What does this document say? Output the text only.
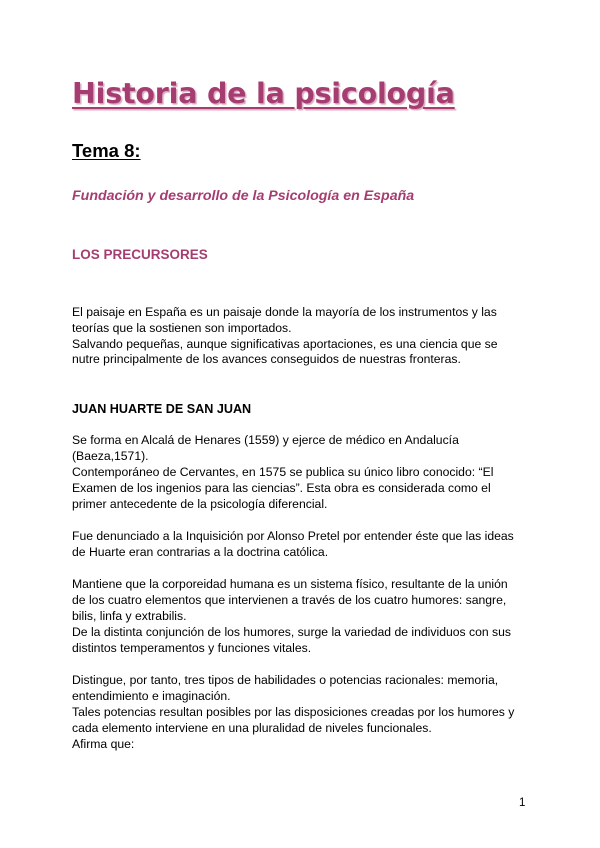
Historia de la psicología
Tema 8:
Fundación y desarrollo de la Psicología en España
LOS PRECURSORES

El paisaje en España es un paisaje donde la mayoría de los instrumentos y las

teorías que la sostienen son importados.

Salvando pequeñas, aunque significativas aportaciones, es una ciencia que se

nutre principalmente de los avances conseguidos de nuestras fronteras.

JUAN HUARTE DE SAN JUAN

Se forma en Alcalá de Henares (1559) y ejerce de médico en Andalucía

(Baeza,1571).

Contemporáneo de Cervantes, en 1575 se publica su único libro conocido: “El

Examen de los ingenios para las ciencias”. Esta obra es considerada como el

primer antecedente de la psicología diferencial.

Fue denunciado a la Inquisición por Alonso Pretel por entender éste que las ideas

de Huarte eran contrarias a la doctrina católica.

Mantiene que la corporeidad humana es un sistema físico, resultante de la unión

de los cuatro elementos que intervienen a través de los cuatro humores: sangre,

bilis, linfa y extrabilis.

De la distinta conjunción de los humores, surge la variedad de individuos con sus

distintos temperamentos y funciones vitales.

Distingue, por tanto, tres tipos de habilidades o potencias racionales: memoria,

entendimiento e imaginación.

Tales potencias resultan posibles por las disposiciones creadas por los humores y

cada elemento interviene en una pluralidad de niveles funcionales.

Afirma que:

1
